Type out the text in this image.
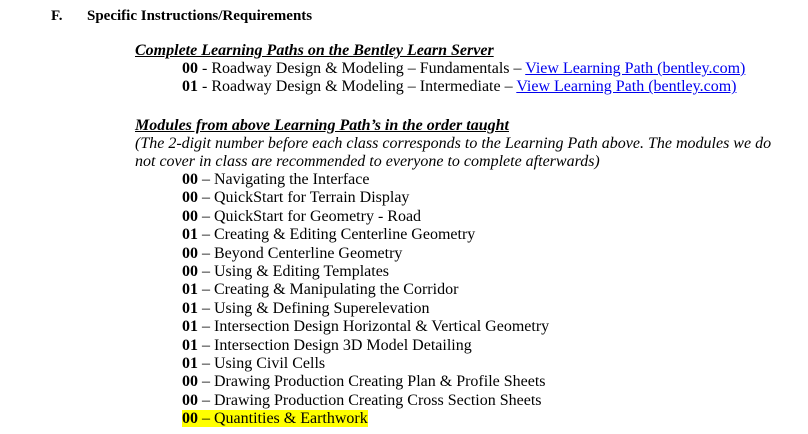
F. Specific Instructions/Requirements
Complete Learning Paths on the Bentley Learn Server
00 - Roadway Design & Modeling – Fundamentals – View Learning Path (bentley.com)
01 - Roadway Design & Modeling – Intermediate – View Learning Path (bentley.com)
Modules from above Learning Path’s in the order taught
(The 2-digit number before each class corresponds to the Learning Path above. The modules we do not cover in class are recommended to everyone to complete afterwards)
00 – Navigating the Interface
00 – QuickStart for Terrain Display
00 – QuickStart for Geometry - Road
01 – Creating & Editing Centerline Geometry
00 – Beyond Centerline Geometry
00 – Using & Editing Templates
01 – Creating & Manipulating the Corridor
01 – Using & Defining Superelevation
01 – Intersection Design Horizontal & Vertical Geometry
01 – Intersection Design 3D Model Detailing
01 – Using Civil Cells
00 – Drawing Production Creating Plan & Profile Sheets
00 – Drawing Production Creating Cross Section Sheets
00 – Quantities & Earthwork
